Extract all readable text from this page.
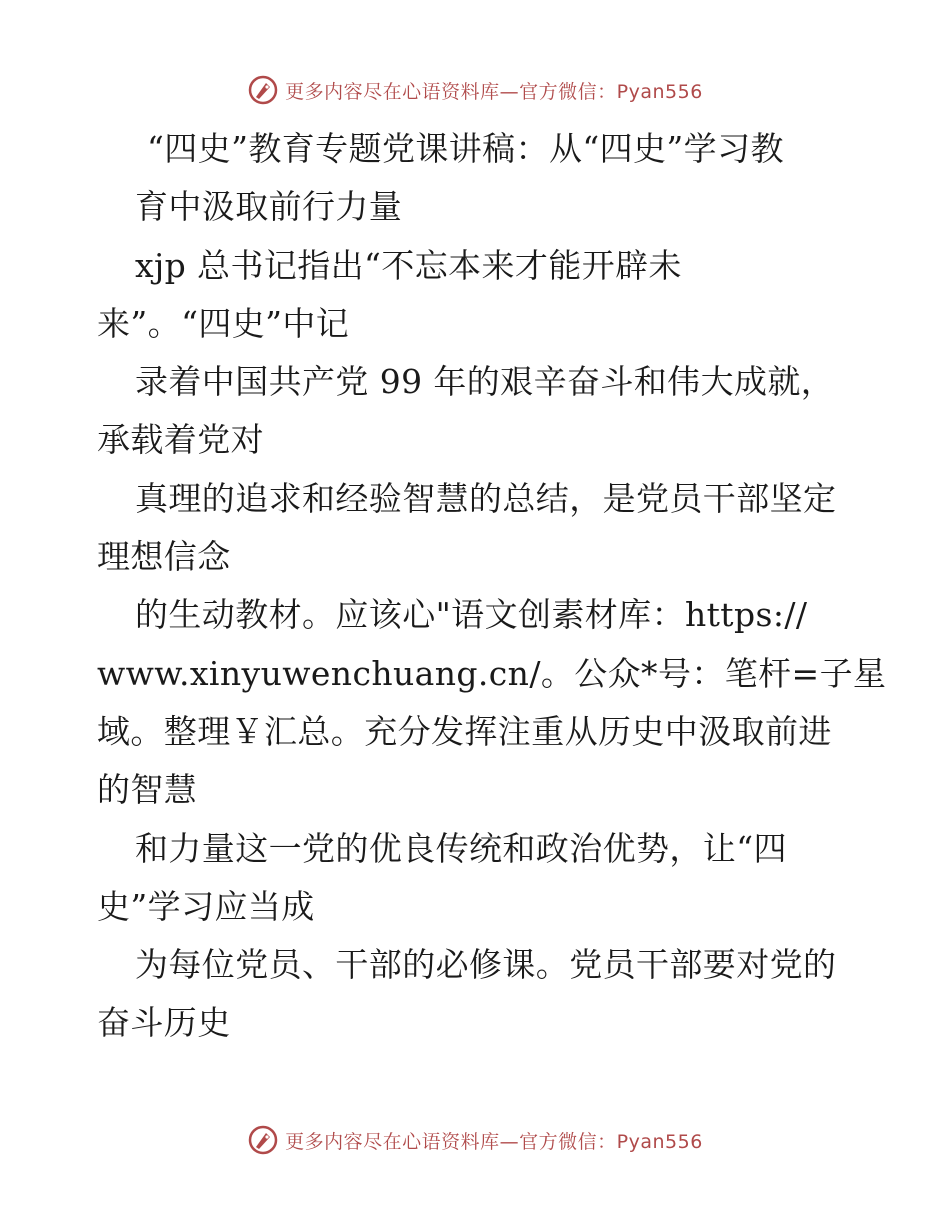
更多内容尽在心语资料库—官方微信：Pyan556
“四史”教育专题党课讲稿：从“四史”学习教
育中汲取前行力量
xjp 总书记指出“不忘本来才能开辟未
来”。“四史”中记
录着中国共产党 99 年的艰辛奋斗和伟大成就，
承载着党对
真理的追求和经验智慧的总结，是党员干部坚定
理想信念
的生动教材。应该心"语文创素材库：https://
www.xinyuwenchuang.cn/。公众*号：笔杆=子星
域。整理￥汇总。充分发挥注重从历史中汲取前进
的智慧
和力量这一党的优良传统和政治优势，让“四
史”学习应当成
为每位党员、干部的必修课。党员干部要对党的
奋斗历史
更多内容尽在心语资料库—官方微信：Pyan556
